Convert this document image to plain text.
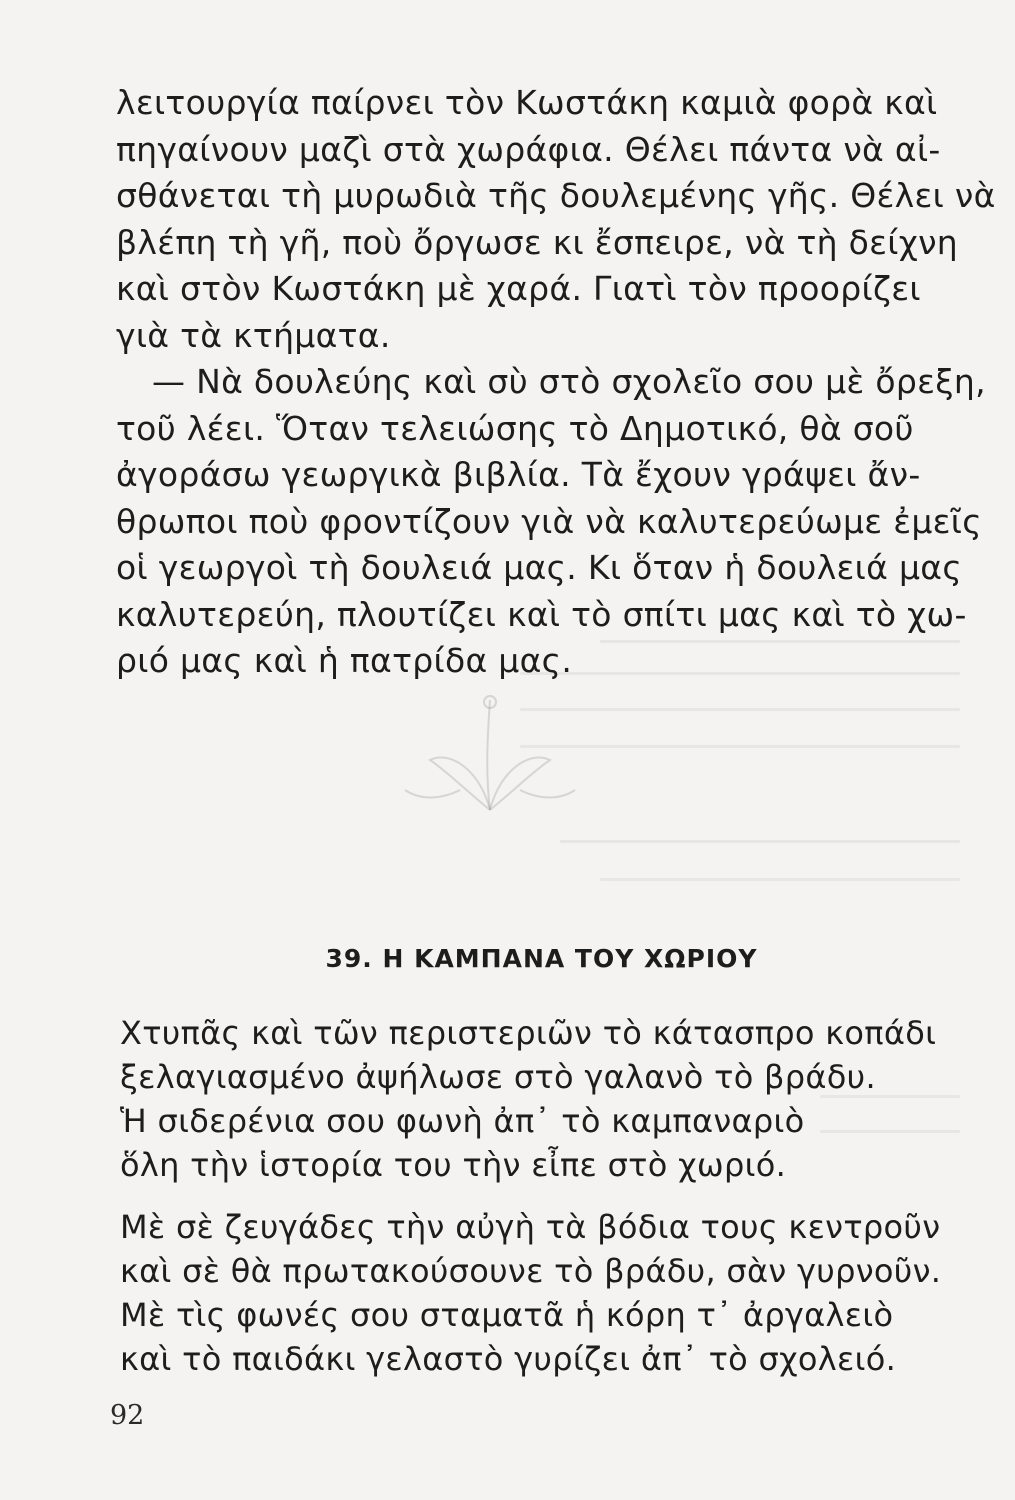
λειτουργία παίρνει τὸν Κωστάκη καμιὰ φορὰ καὶ
πηγαίνουν μαζὶ στὰ χωράφια. Θέλει πάντα νὰ αἰ-
σθάνεται τὴ μυρωδιὰ τῆς δουλεμένης γῆς. Θέλει νὰ
βλέπη τὴ γῆ, ποὺ ὄργωσε κι ἔσπειρε, νὰ τὴ δείχνη
καὶ στὸν Κωστάκη μὲ χαρά. Γιατὶ τὸν προορίζει
γιὰ τὰ κτήματα.
— Νὰ δουλεύης καὶ σὺ στὸ σχολεῖο σου μὲ ὄρεξη,
τοῦ λέει. Ὅταν τελειώσης τὸ Δημοτικό, θὰ σοῦ
ἀγοράσω γεωργικὰ βιβλία. Τὰ ἔχουν γράψει ἄν-
θρωποι ποὺ φροντίζουν γιὰ νὰ καλυτερεύωμε ἐμεῖς
οἱ γεωργοὶ τὴ δουλειά μας. Κι ὅταν ἡ δουλειά μας
καλυτερεύη, πλουτίζει καὶ τὸ σπίτι μας καὶ τὸ χω-
ριό μας καὶ ἡ πατρίδα μας.
39. Η ΚΑΜΠΑΝΑ ΤΟΥ ΧΩΡΙΟΥ
Χτυπᾶς καὶ τῶν περιστεριῶν τὸ κάτασπρο κοπάδι
ξελαγιασμένο ἀψήλωσε στὸ γαλανὸ τὸ βράδυ.
Ἡ σιδερένια σου φωνὴ ἀπ᾽ τὸ καμπαναριὸ
ὅλη τὴν ἱστορία του τὴν εἶπε στὸ χωριό.
Μὲ σὲ ζευγάδες τὴν αὐγὴ τὰ βόδια τους κεντροῦν
καὶ σὲ θὰ πρωτακούσουνε τὸ βράδυ, σὰν γυρνοῦν.
Μὲ τὶς φωνές σου σταματᾶ ἡ κόρη τ᾽ ἀργαλειὸ
καὶ τὸ παιδάκι γελαστὸ γυρίζει ἀπ᾽ τὸ σχολειό.
92
